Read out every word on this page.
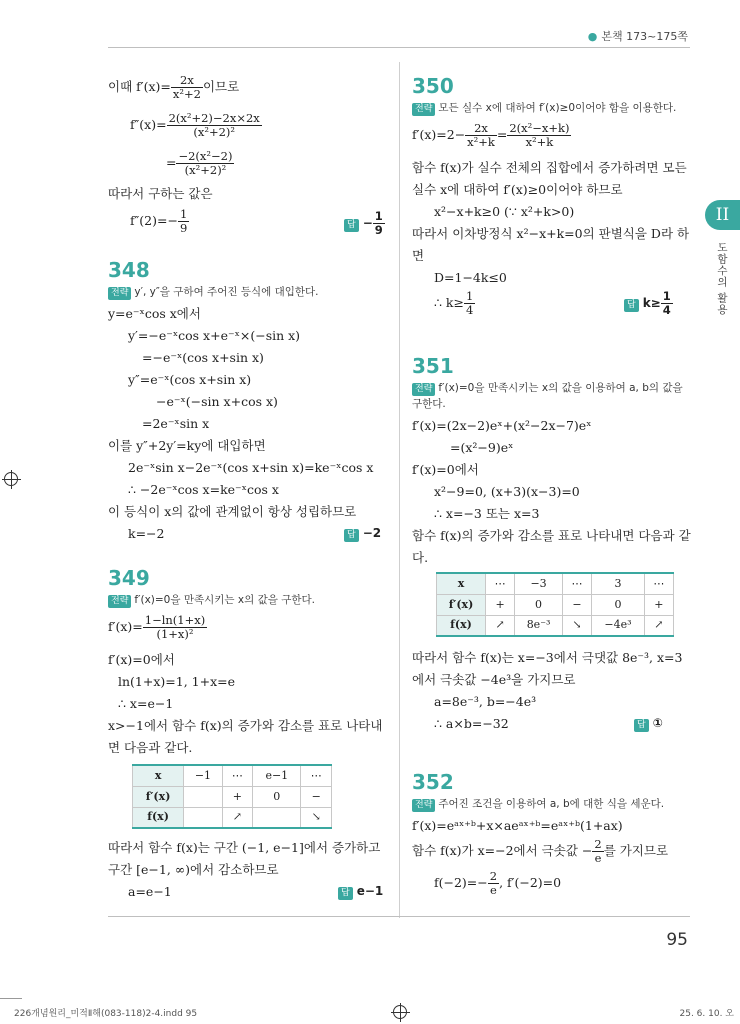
● 본책 173~175쪽
II
도함수의 활용
이때 $f'(x)= \frac{2x}{\text{x²+2}}$ 이므로
$f''(x)= \frac{\text{2(x²+2)−2x×2x}}{\text{(x²+2)²}}$
= $\frac{\text{−2(x²−2)}}{\text{(x²+2)²}}$
따라서 구하는 값은
$f''(2)=- \frac{1}{9}$	답 − $\frac{1}{9}$
348
전략 y′, y″을 구하여 주어진 등식에 대입한다.
y=e⁻ˣcos x에서
y′=−e⁻ˣcos x+e⁻ˣ×(−sin x)
=−e⁻ˣ(cos x+sin x)
y″=e⁻ˣ(cos x+sin x)
−e⁻ˣ(−sin x+cos x)
=2e⁻ˣsin x
이를 y″+2y′=ky에 대입하면
2e⁻ˣsin x−2e⁻ˣ(cos x+sin x)=ke⁻ˣcos x
∴ −2e⁻ˣcos x=ke⁻ˣcos x
이 등식이 x의 값에 관계없이 항상 성립하므로
k=−2	답 −2
349
전략 f′(x)=0을 만족시키는 x의 값을 구한다.
$f'(x)= \frac{1-\ln(1+x)}{\text{(1+x)²}}$
f′(x)=0에서
ln(1+x)=1, 1+x=e
∴ x=e−1
x>−1에서 함수 f(x)의 증가와 감소를 표로 나타내
면 다음과 같다.
x	−1	⋯	e−1	⋯
f′(x)		+	0	−
f(x)		↗		↘
따라서 함수 f(x)는 구간 (−1, e−1]에서 증가하고
구간 [e−1, ∞)에서 감소하므로
a=e−1	답 e−1
350
전략 모든 실수 x에 대하여 f′(x)≥0이어야 함을 이용한다.
$f'(x)=2- \frac{2x}{\text{x²+k}} = \frac{\text{2(x²−x+k)}}{\text{x²+k}}$
함수 f(x)가 실수 전체의 집합에서 증가하려면 모든
실수 x에 대하여 f′(x)≥0이어야 하므로
x²−x+k≥0 (∵ x²+k>0)
따라서 이차방정식 x²−x+k=0의 판별식을 D라 하
면
D=1−4k≤0
∴ $k\ge \frac{1}{4}$	답 $k\ge \frac{1}{4}$
351
전략 f′(x)=0을 만족시키는 x의 값을 이용하여 a, b의 값을
구한다.
f′(x)=(2x−2)eˣ+(x²−2x−7)eˣ
=(x²−9)eˣ
f′(x)=0에서
x²−9=0, (x+3)(x−3)=0
∴ x=−3 또는 x=3
함수 f(x)의 증가와 감소를 표로 나타내면 다음과 같
다.
x	⋯	−3	⋯	3	⋯
f′(x)	+	0	−	0	+
f(x)	↗	8e⁻³	↘	−4e³	↗
따라서 함수 f(x)는 x=−3에서 극댓값 8e⁻³, x=3
에서 극솟값 −4e³을 가지므로
a=8e⁻³, b=−4e³
∴ a×b=−32	답 ①
352
전략 주어진 조건을 이용하여 a, b에 대한 식을 세운다.
f′(x)=eᵃˣ⁺ᵇ+x×aeᵃˣ⁺ᵇ=eᵃˣ⁺ᵇ(1+ax)
함수 f(x)가 x=−2에서 극솟값 − $\frac{2}{e}$ 를 가지므로
$f(-2)=- \frac{2}{e}$ , f′(−2)=0
95
226개념원리_미적Ⅱ해(083-118)2-4.indd 95	25. 6. 10. 오
